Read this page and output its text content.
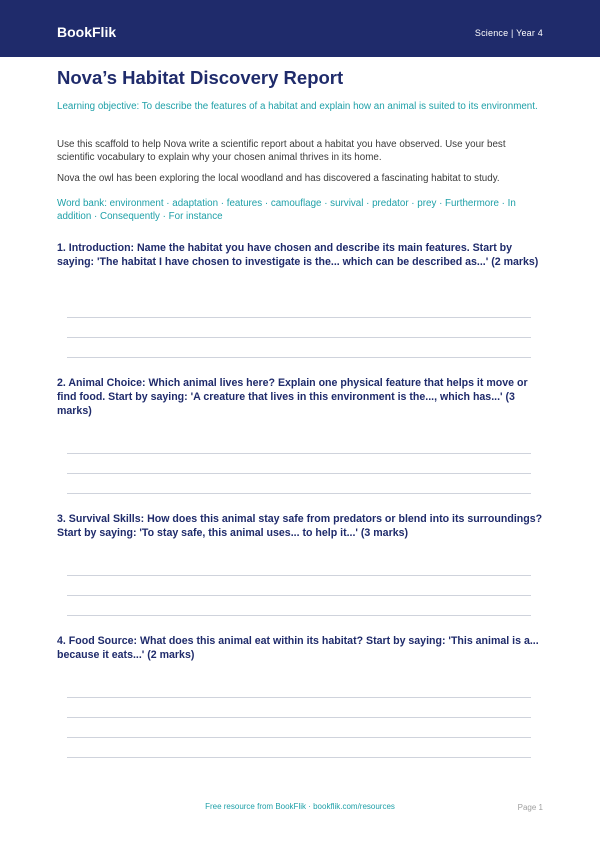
BookFlik	Science | Year 4
Nova’s Habitat Discovery Report

Learning objective: To describe the features of a habitat and explain how an animal is suited to its environment.

Use this scaffold to help Nova write a scientific report about a habitat you have observed. Use your best scientific vocabulary to explain why your chosen animal thrives in its home.

Nova the owl has been exploring the local woodland and has discovered a fascinating habitat to study.

Word bank: environment · adaptation · features · camouflage · survival · predator · prey · Furthermore · In addition · Consequently · For instance

1. Introduction: Name the habitat you have chosen and describe its main features. Start by saying: 'The habitat I have chosen to investigate is the... which can be described as...' (2 marks)

2. Animal Choice: Which animal lives here? Explain one physical feature that helps it move or find food. Start by saying: 'A creature that lives in this environment is the..., which has...' (3 marks)

3. Survival Skills: How does this animal stay safe from predators or blend into its surroundings? Start by saying: 'To stay safe, this animal uses... to help it...' (3 marks)

4. Food Source: What does this animal eat within its habitat? Start by saying: 'This animal is a... because it eats...' (2 marks)

Free resource from BookFlik · bookflik.com/resources	Page 1
